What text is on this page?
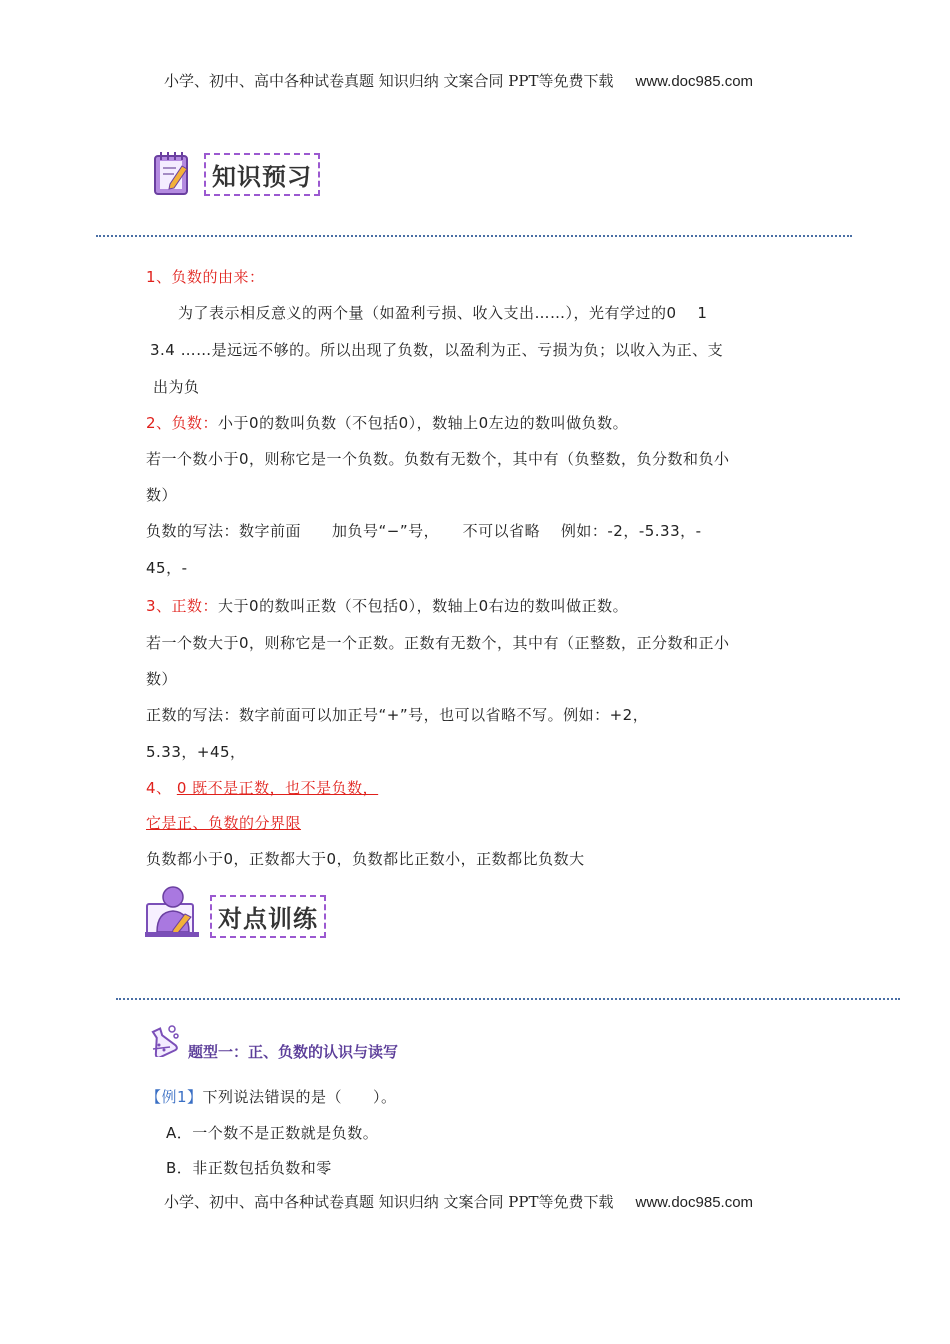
小学、初中、高中各种试卷真题 知识归纳 文案合同 PPT等免费下载 www.doc985.com
知识预习
1、负数的由来：
为了表示相反意义的两个量（如盈利亏损、收入支出……），光有学过的0　 1
3.4 ……是远远不够的。所以出现了负数，以盈利为正、亏损为负；以收入为正、支
出为负
2、负数：小于0的数叫负数（不包括0），数轴上0左边的数叫做负数。
若一个数小于0，则称它是一个负数。负数有无数个，其中有（负整数，负分数和负小
数）
负数的写法：数字前面　　加负号“−”号，　　不可以省略　 例如：-2，-5.33，-
45，-
3、正数：大于0的数叫正数（不包括0），数轴上0右边的数叫做正数。
若一个数大于0，则称它是一个正数。正数有无数个，其中有（正整数，正分数和正小
数）
正数的写法：数字前面可以加正号“+”号，也可以省略不写。例如：+2，
5.33，+45，
4、 0 既不是正数，也不是负数，
它是正、负数的分界限
负数都小于0，正数都大于0，负数都比正数小，正数都比负数大
对点训练
题型一：正、负数的认识与读写
【例1】下列说法错误的是（　　）。
A．一个数不是正数就是负数。
B．非正数包括负数和零
小学、初中、高中各种试卷真题 知识归纳 文案合同 PPT等免费下载 www.doc985.com
